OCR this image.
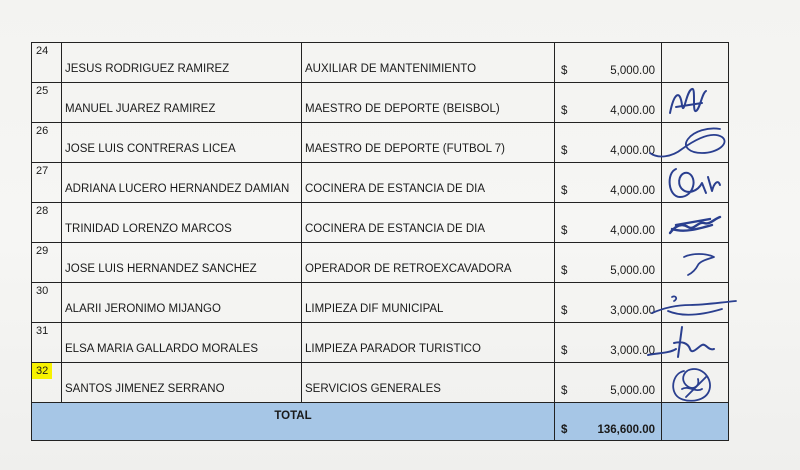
24	JESUS RODRIGUEZ RAMIREZ	AUXILIAR DE MANTENIMIENTO	$ 5,000.00	

25	MANUEL JUAREZ RAMIREZ	MAESTRO DE DEPORTE (BEISBOL)	$ 4,000.00

26	JOSE LUIS CONTRERAS LICEA	MAESTRO DE DEPORTE (FUTBOL 7)	$ 4,000.00

27	ADRIANA LUCERO HERNANDEZ DAMIAN	COCINERA DE ESTANCIA DE DIA	$ 4,000.00

28	TRINIDAD LORENZO MARCOS	COCINERA DE ESTANCIA DE DIA	$ 4,000.00

29	JOSE LUIS HERNANDEZ SANCHEZ	OPERADOR DE RETROEXCAVADORA	$ 5,000.00

30	ALARII JERONIMO MIJANGO	LIMPIEZA DIF MUNICIPAL	$ 3,000.00

31	ELSA MARIA GALLARDO MORALES	LIMPIEZA PARADOR TURISTICO	$ 3,000.00

32	SANTOS JIMENEZ SERRANO	SERVICIOS GENERALES	$ 5,000.00

TOTAL			$ 136,600.00	
